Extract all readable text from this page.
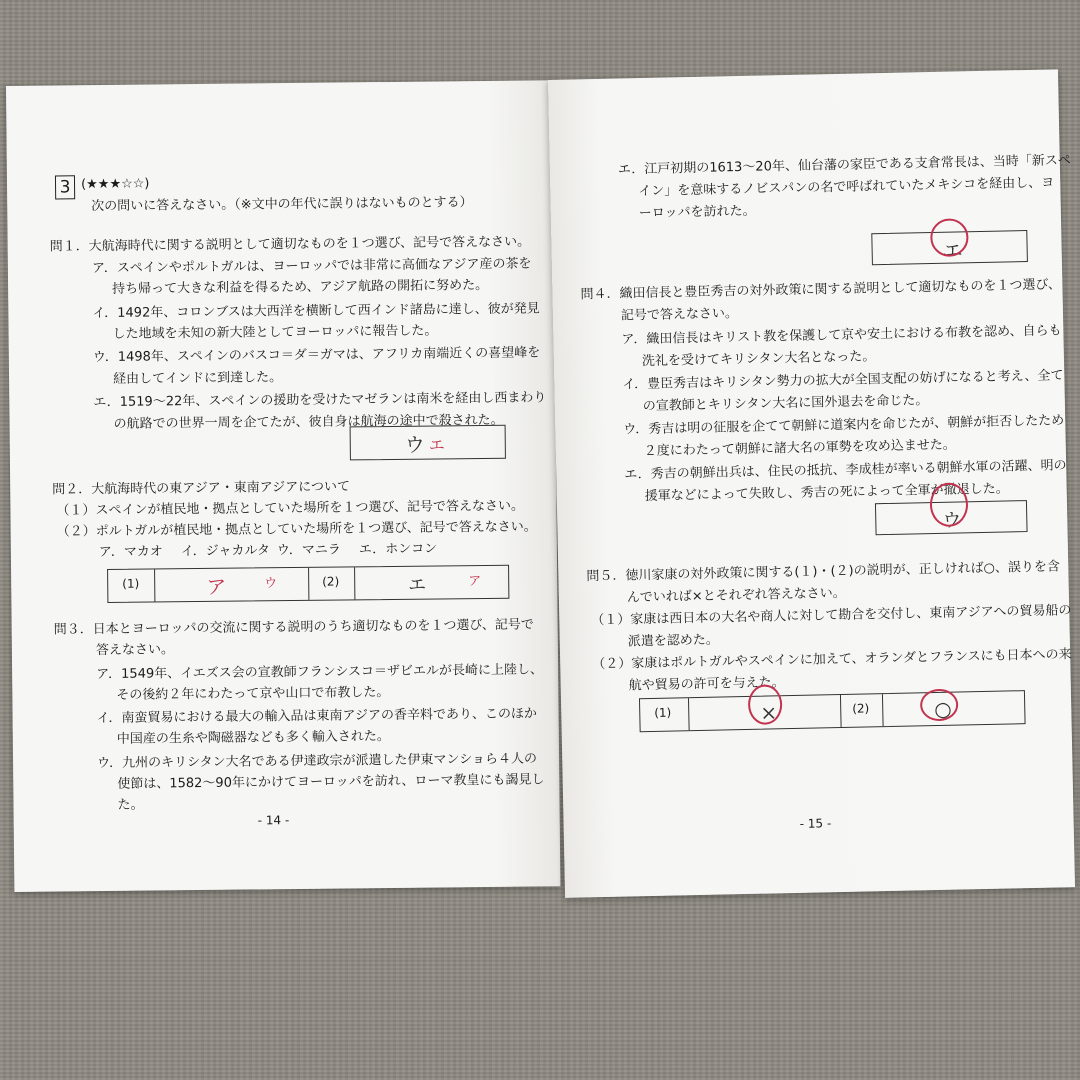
3 (★★★☆☆)
次の問いに答えなさい。（※文中の年代に誤りはないものとする）
問１．大航海時代に関する説明として適切なものを１つ選び、記号で答えなさい。
ア．スペインやポルトガルは、ヨーロッパでは非常に高価なアジア産の茶を
持ち帰って大きな利益を得るため、アジア航路の開拓に努めた。
イ．1492年、コロンブスは大西洋を横断して西インド諸島に達し、彼が発見
した地域を未知の新大陸としてヨーロッパに報告した。
ウ．1498年、スペインのバスコ＝ダ＝ガマは、アフリカ南端近くの喜望峰を
経由してインドに到達した。
エ．1519～22年、スペインの援助を受けたマゼランは南米を経由し西まわり
の航路での世界一周を企てたが、彼自身は航海の途中で殺された。
ウ エ
問２．大航海時代の東アジア・東南アジアについて
（１）スペインが植民地・拠点としていた場所を１つ選び、記号で答えなさい。
（２）ポルトガルが植民地・拠点としていた場所を１つ選び、記号で答えなさい。
ア．マカオ イ．ジャカルタ ウ．マニラ エ．ホンコン
(1)	ア	ウ	(2)	エ	ア
問３．日本とヨーロッパの交流に関する説明のうち適切なものを１つ選び、記号で
答えなさい。
ア．1549年、イエズス会の宣教師フランシスコ＝ザビエルが長崎に上陸し、
その後約２年にわたって京や山口で布教した。
イ．南蛮貿易における最大の輸入品は東南アジアの香辛料であり、このほか
中国産の生糸や陶磁器なども多く輸入された。
ウ．九州のキリシタン大名である伊達政宗が派遣した伊東マンショら４人の
使節は、1582～90年にかけてヨーロッパを訪れ、ローマ教皇にも謁見し
た。
- 14 -
エ．江戸初期の1613～20年、仙台藩の家臣である支倉常長は、当時「新スペ
イン」を意味するノビスパンの名で呼ばれていたメキシコを経由し、ヨ
ーロッパを訪れた。
エ
問４．織田信長と豊臣秀吉の対外政策に関する説明として適切なものを１つ選び、
記号で答えなさい。
ア．織田信長はキリスト教を保護して京や安土における布教を認め、自らも
洗礼を受けてキリシタン大名となった。
イ．豊臣秀吉はキリシタン勢力の拡大が全国支配の妨げになると考え、全て
の宣教師とキリシタン大名に国外退去を命じた。
ウ．秀吉は明の征服を企てて朝鮮に道案内を命じたが、朝鮮が拒否したため
２度にわたって朝鮮に諸大名の軍勢を攻め込ませた。
エ．秀吉の朝鮮出兵は、住民の抵抗、李成桂が率いる朝鮮水軍の活躍、明の
援軍などによって失敗し、秀吉の死によって全軍が撤退した。
ウ
問５．徳川家康の対外政策に関する(１)・(２)の説明が、正しければ○、誤りを含
んでいれば×とそれぞれ答えなさい。
（１）家康は西日本の大名や商人に対して勘合を交付し、東南アジアへの貿易船の
派遣を認めた。
（２）家康はポルトガルやスペインに加えて、オランダとフランスにも日本への来
航や貿易の許可を与えた。
(1)	×	(2)	○
- 15 -
